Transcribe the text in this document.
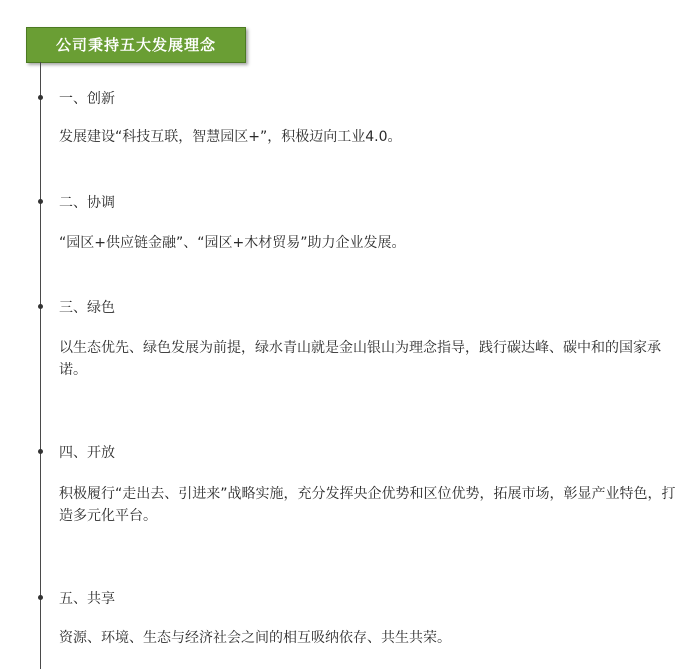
公司秉持五大发展理念
一、创新
发展建设“科技互联，智慧园区+”，积极迈向工业4.0。
二、协调
“园区+供应链金融”、“园区+木材贸易”助力企业发展。
三、绿色
以生态优先、绿色发展为前提，绿水青山就是金山银山为理念指导，践行碳达峰、碳中和的国家承诺。
四、开放
积极履行“走出去、引进来”战略实施，充分发挥央企优势和区位优势，拓展市场，彰显产业特色，打造多元化平台。
五、共享
资源、环境、生态与经济社会之间的相互吸纳依存、共生共荣。
